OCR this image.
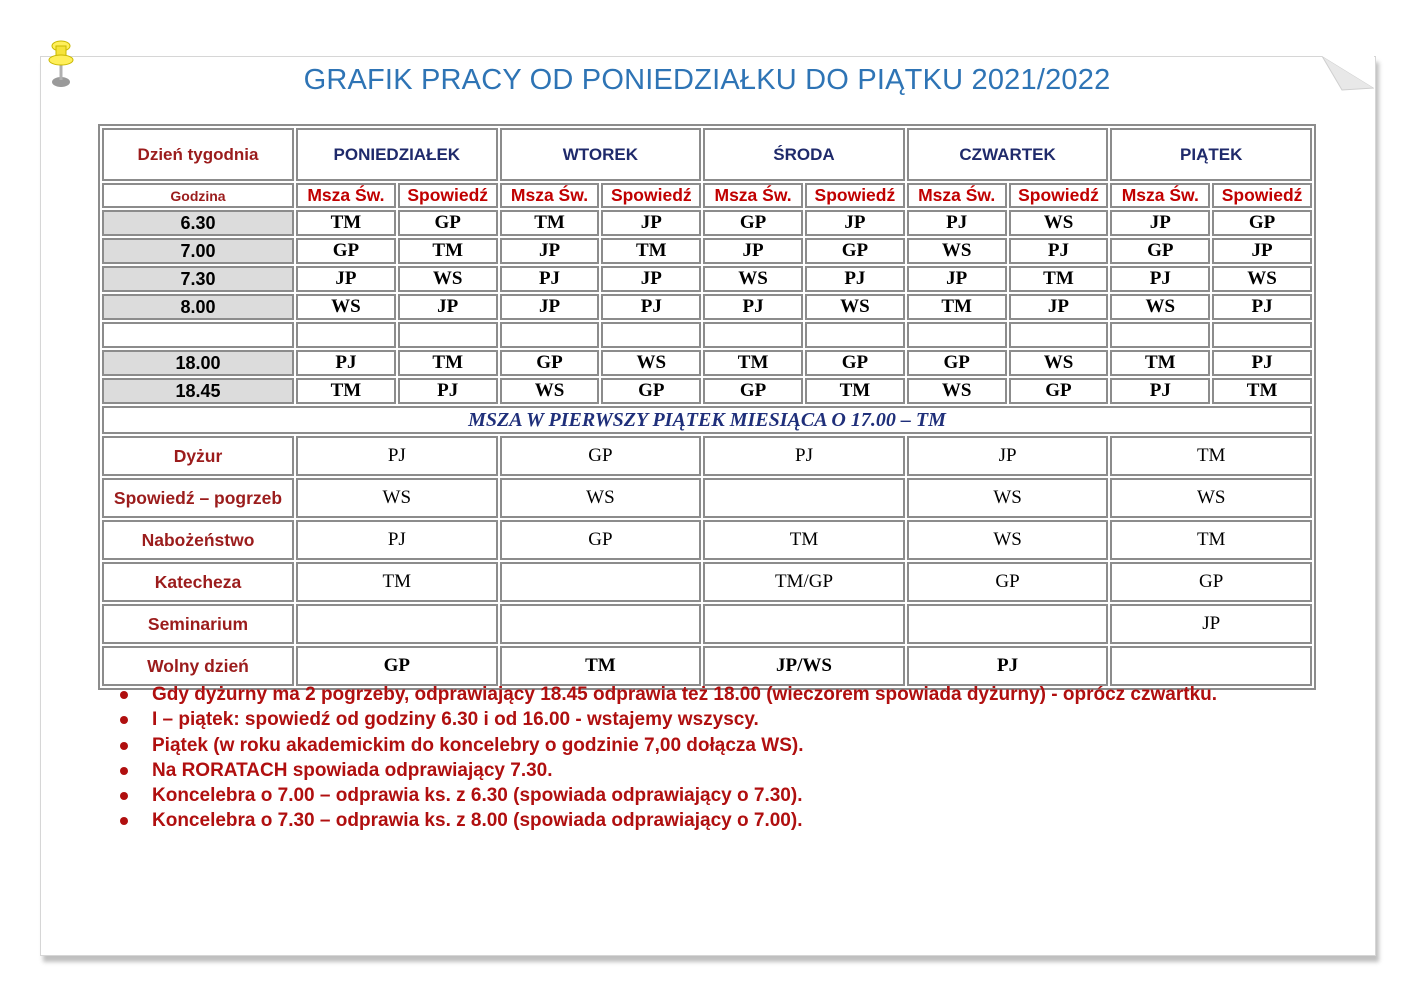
GRAFIK PRACY OD PONIEDZIAŁKU DO PIĄTKU 2021/2022
Dzień tygodnia	PONIEDZIAŁEK		WTOREK		ŚRODA		CZWARTEK		PIĄTEK	
Godzina	Msza Św.	Spowiedź	Msza Św.	Spowiedź	Msza Św.	Spowiedź	Msza Św.	Spowiedź	Msza Św.	Spowiedź
6.30	TM	GP	TM	JP	GP	JP	PJ	WS	JP	GP
7.00	GP	TM	JP	TM	JP	GP	WS	PJ	GP	JP
7.30	JP	WS	PJ	JP	WS	PJ	JP	TM	PJ	WS
8.00	WS	JP	JP	PJ	PJ	WS	TM	JP	WS	PJ

18.00	PJ	TM	GP	WS	TM	GP	GP	WS	TM	PJ
18.45	TM	PJ	WS	GP	GP	TM	WS	GP	PJ	TM
MSZA W PIERWSZY PIĄTEK MIESIĄCA O 17.00 – TM										
Dyżur	PJ		GP		PJ		JP		TM	
Spowiedź – pogrzeb	WS		WS				WS		WS	
Nabożeństwo	PJ		GP		TM		WS		TM	
Katecheza	TM				TM/GP		GP		GP	
Seminarium									JP	
Wolny dzień	GP		TM		JP/WS		PJ			
Gdy dyżurny ma 2 pogrzeby, odprawiający 18.45 odprawia też 18.00 (wieczorem spowiada dyżurny) - oprócz czwartku.
I – piątek: spowiedź od godziny 6.30 i od 16.00 - wstajemy wszyscy.
Piątek (w roku akademickim do koncelebry o godzinie 7,00 dołącza WS).
Na RORATACH spowiada odprawiający 7.30.
Koncelebra o 7.00 – odprawia ks. z 6.30 (spowiada odprawiający o 7.30).
Koncelebra o 7.30 – odprawia ks. z 8.00 (spowiada odprawiający o 7.00).
